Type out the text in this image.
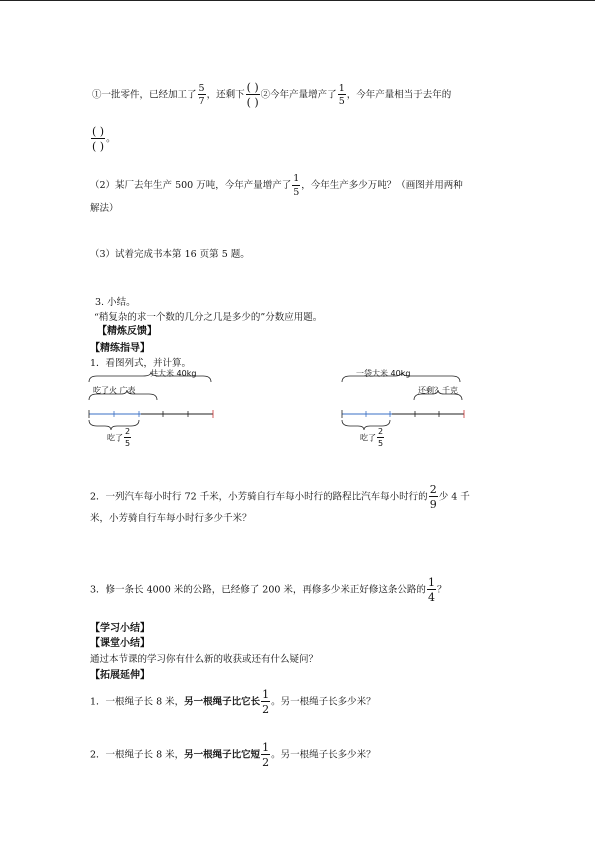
①一批零件，已经加工了 $\frac{5}{7}$ ，还剩下 $\frac{( )}{( )}$ ②今年产量增产了 $\frac{1}{5}$ ，今年产量相当于去年的
$\frac{( )}{( )}$ 。
（2）某厂去年生产 500 万吨，今年产量增产了 $\frac{1}{5}$ ，今年生产多少万吨？（画图并用两种
解法）
（3）试着完成书本第 16 页第 5 题。
3. 小结。
“稍复杂的求一个数的几分之几是多少的”分数应用题。
【精炼反馈】
【精练指导】
1．看图列式，并计算。
共大米 40kg
吃了火 广表
吃了 $\frac{2}{5}$
一袋大米 40kg
还剩？千克
吃了 $\frac{2}{5}$
2．一列汽车每小时行 72 千米，小芳骑自行车每小时行的路程比汽车每小时行的 $\frac{2}{9}$ 少 4 千
米，小芳骑自行车每小时行多少千米？
3．修一条长 4000 米的公路，已经修了 200 米，再修多少米正好修这条公路的 $\frac{1}{4}$ ？
【学习小结】
【课堂小结】
通过本节课的学习你有什么新的收获或还有什么疑问？
【拓展延伸】
1．一根绳子长 8 米，另一根绳子比它长 $\frac{1}{2}$ 。另一根绳子长多少米？
2．一根绳子长 8 米，另一根绳子比它短 $\frac{1}{2}$ 。另一根绳子长多少米？
